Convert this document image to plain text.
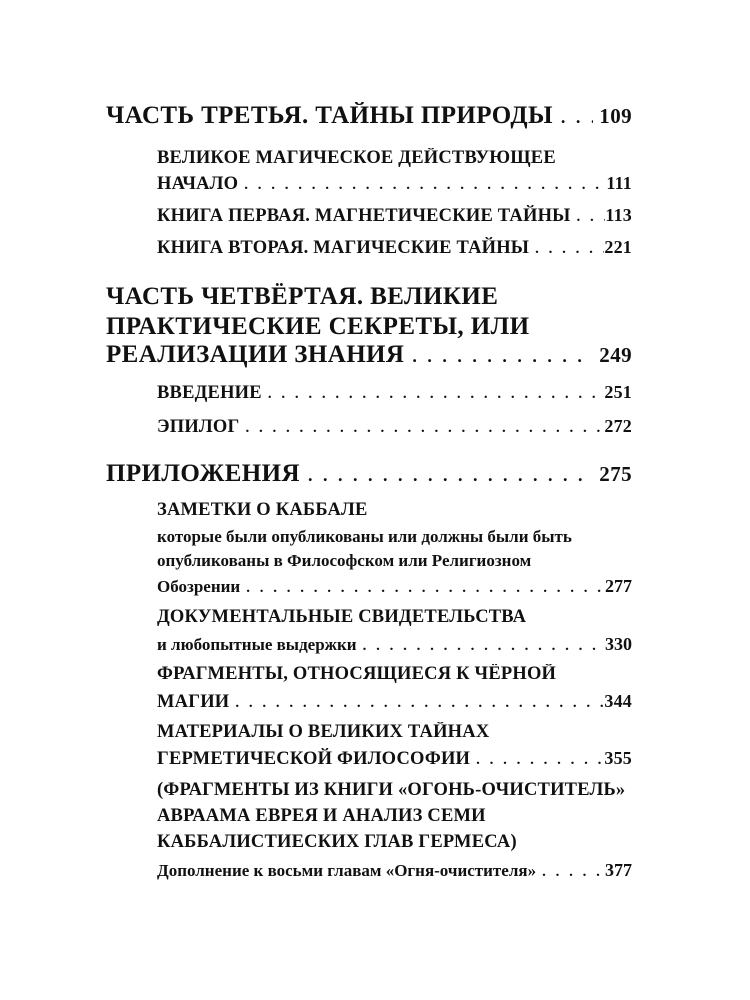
ЧАСТЬ ТРЕТЬЯ. ТАЙНЫ ПРИРОДЫ . . . 109
ВЕЛИКОЕ МАГИЧЕСКОЕ ДЕЙСТВУЮЩЕЕ
НАЧАЛО . . .	111
КНИГА ПЕРВАЯ. МАГНЕТИЧЕСКИЕ ТАЙНЫ . . . 113
КНИГА ВТОРАЯ. МАГИЧЕСКИЕ ТАЙНЫ . . .	221
ЧАСТЬ ЧЕТВЁРТАЯ. ВЕЛИКИЕ
ПРАКТИЧЕСКИЕ СЕКРЕТЫ, ИЛИ
РЕАЛИЗАЦИИ ЗНАНИЯ . . .	249
ВВЕДЕНИЕ . . .	251
ЭПИЛОГ . . .	272
ПРИЛОЖЕНИЯ . . .	275
ЗАМЕТКИ О КАББАЛЕ
которые были опубликованы или должны были быть
опубликованы в Философском или Религиозном
Обозрении . . .	277
ДОКУМЕНТАЛЬНЫЕ СВИДЕТЕЛЬСТВА
и любопытные выдержки . . .	330
ФРАГМЕНТЫ, ОТНОСЯЩИЕСЯ К ЧЁРНОЙ
МАГИИ . . .	344
МАТЕРИАЛЫ О ВЕЛИКИХ ТАЙНАХ
ГЕРМЕТИЧЕСКОЙ ФИЛОСОФИИ . . .	355
(ФРАГМЕНТЫ ИЗ КНИГИ «ОГОНЬ-ОЧИСТИТЕЛЬ»
АВРААМА ЕВРЕЯ И АНАЛИЗ СЕМИ
КАББАЛИСТИЕСКИХ ГЛАВ ГЕРМЕСА)
Дополнение к восьми главам «Огня-очистителя» . . .	377
